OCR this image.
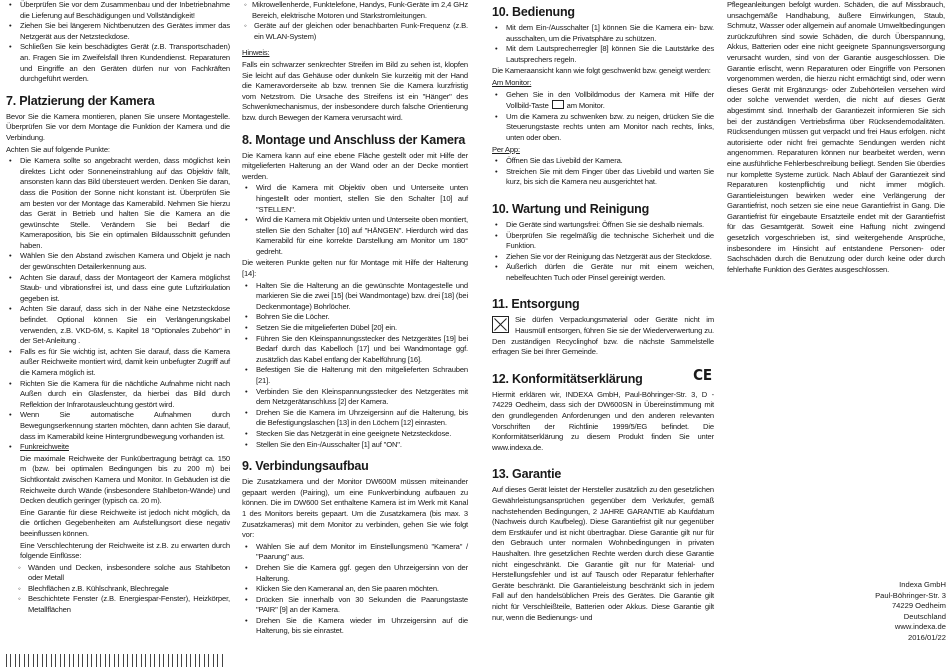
• Überprüfen Sie vor dem Zusammenbau und der Inbetriebnahme die Lieferung auf Beschädigungen und Vollständigkeit!
• Ziehen Sie bei längerem Nichtbenutzen des Gerätes immer das Netzgerät aus der Netzsteckdose.
• Schließen Sie kein beschädigtes Gerät (z.B. Transportschaden) an. Fragen Sie im Zweifelsfall Ihren Kundendienst. Reparaturen und Eingriffe an den Geräten dürfen nur von Fachkräften durchgeführt werden.
7. Platzierung der Kamera

Bevor Sie die Kamera montieren, planen Sie unsere Montagestelle. Überprüfen Sie vor dem Montage die Funktion der Kamera und die Verbindung.

Achten Sie auf folgende Punkte:

• Die Kamera sollte so angebracht werden, dass möglichst kein direktes Licht oder Sonneneinstrahlung auf das Objektiv fällt, ansonsten kann das Bild übersteuert werden. Denken Sie daran, dass die Position der Sonne nicht konstant ist. Überprüfen Sie am besten vor der Montage das Kamerabild. Nehmen Sie hierzu das Gerät in Betrieb und halten Sie die Kamera an die gewünschte Stelle. Verändern Sie bei Bedarf die Kameraposition, bis Sie ein optimalen Bildausschnitt gefunden haben.
• Wählen Sie den Abstand zwischen Kamera und Objekt je nach der gewünschten Detailerkennung aus.
• Achten Sie darauf, dass der Montageort der Kamera möglichst Staub- und vibrationsfrei ist, und dass eine gute Luftzirkulation gegeben ist.
• Achten Sie darauf, dass sich in der Nähe eine Netzsteckdose befindet. Optional können Sie ein Verlängerungskabel verwenden, z.B. VKD-6M, s. Kapitel 18 "Optionales Zubehör" in der Set-Anleitung .
• Falls es für Sie wichtig ist, achten Sie darauf, dass die Kamera außer Reichweite montiert wird, damit kein unbefugter Zugriff auf die Kamera möglich ist.
• Richten Sie die Kamera für die nächtliche Aufnahme nicht nach Außen durch ein Glasfenster, da hierbei das Bild durch Reflektion der Infrarotausleuchtung gestört wird.
• Wenn Sie automatische Aufnahmen durch Bewegungserkennung starten möchten, dann achten Sie darauf, dass im Kamerabild keine Hintergrundbewegung vorhanden ist.
• Funkreichweite

Die maximale Reichweite der Funkübertragung beträgt ca. 150 m (bzw. bei optimalen Bedingungen bis zu 200 m) bei Sichtkontakt zwischen Kamera und Monitor. In Gebäuden ist die Reichweite durch Wände (insbesondere Stahlbeton-Wände) und Decken deutlich geringer (typisch ca. 20 m).

Eine Garantie für diese Reichweite ist jedoch nicht möglich, da die örtlichen Gegebenheiten am Aufstellungsort diese negativ beeinflussen können.

Eine Verschlechterung der Reichweite ist z.B. zu erwarten durch folgende Einflüsse:

◦ Wänden und Decken, insbesondere solche aus Stahlbeton oder Metall
◦ Blechflächen z.B. Kühlschrank, Blechregale
◦ Beschichtete Fenster (z.B. Energiespar-Fenster), Heizkörper, Metallflächen
◦ Mikrowellenherde, Funktelefone, Handys, Funk-Geräte im 2,4 GHz Bereich, elektrische Motoren und Starkstromleitungen.
◦ Geräte auf der gleichen oder benachbarten Funk-Frequenz (z.B. ein WLAN-System)

Hinweis:

Falls ein schwarzer senkrechter Streifen im Bild zu sehen ist, klopfen Sie leicht auf das Gehäuse oder dunkeln Sie kurzeitig mit der Hand die Kameravorderseite ab bzw. trennen Sie die Kamera kurzfristig vom Netzstrom. Die Ursache des Streifens ist ein "Hänger" des Schwenkmechanismus, der insbesondere durch falsche Orientierung bzw. durch Bewegen der Kamera verursacht wird.

8. Montage und Anschluss der Kamera

Die Kamera kann auf eine ebene Fläche gestellt oder mit Hilfe der mitgelieferten Halterung an der Wand oder an der Decke montiert werden.

• Wird die Kamera mit Objektiv oben und Unterseite unten hingestellt oder montiert, stellen Sie den Schalter [10] auf "STELLEN".
• Wird die Kamera mit Objektiv unten und Unterseite oben montiert, stellen Sie den Schalter [10] auf "HÄNGEN". Hierdurch wird das Kamerabild für eine korrekte Darstellung am Monitor um 180° gedreht.

Die weiteren Punkte gelten nur für Montage mit Hilfe der Halterung [14]:

• Halten Sie die Halterung an die gewünschte Montagestelle und markieren Sie die zwei [15] (bei Wandmontage) bzw. drei [18] (bei Deckenmontage) Bohrlöcher.
• Bohren Sie die Löcher.
• Setzen Sie die mitgelieferten Dübel [20] ein.
• Führen Sie den Kleinspannungsstecker des Netzgerätes [19] bei Bedarf durch das Kabelloch [17] und bei Wandmontage ggf. zusätzlich das Kabel entlang der Kabelführung [16].
• Befestigen Sie die Halterung mit den mitgelieferten Schrauben [21].
• Verbinden Sie den Kleinspannungsstecker des Netzgerätes mit dem Netzgerätanschluss [2] der Kamera.
• Drehen Sie die Kamera im Uhrzeigersinn auf die Halterung, bis die Befestigungslaschen [13] in den Löchern [12] einrasten.
• Stecken Sie das Netzgerät in eine geeignete Netzsteckdose.
• Stellen Sie den Ein-/Ausschalter [1] auf "ON".
9. Verbindungsaufbau

Die Zusatzkamera und der Monitor DW600M müssen miteinander gepaart werden (Pairing), um eine Funkverbindung aufbauen zu können. Die im DW600 Set enthaltene Kamera ist im Werk mit Kanal 1 des Monitors bereits gepaart. Um die Zusatzkamera (bis max. 3 Zusatzkameras) mit dem Monitor zu verbinden, gehen Sie wie folgt vor:

• Wählen Sie auf dem Monitor im Einstellungsmenü "Kamera" / "Paarung" aus.
• Drehen Sie die Kamera ggf. gegen den Uhrzeigersinn von der Halterung.
• Klicken Sie den Kameranal an, den Sie paaren möchten.
• Drücken Sie innerhalb von 30 Sekunden die Paarungstaste "PAIR" [9] an der Kamera.
• Drehen Sie die Kamera wieder im Uhrzeigersinn auf die Halterung, bis sie einrastet.
10. Bedienung
• Mit dem Ein-/Ausschalter [1] können Sie die Kamera ein- bzw. ausschalten, um die Privatsphäre zu schützen.
• Mit dem Lautsprecherregler [8] können Sie die Lautstärke des Lautsprechers regeln.

Die Kameraansicht kann wie folgt geschwenkt bzw. geneigt werden:

Am Monitor:

• Gehen Sie in den Vollbildmodus der Kamera mit Hilfe der Vollbild-Taste am Monitor.
• Um die Kamera zu schwenken bzw. zu neigen, drücken Sie die Steuerungstaste rechts unten am Monitor nach rechts, links, unten oder oben.

Per App:

• Öffnen Sie das Livebild der Kamera.
• Streichen Sie mit dem Finger über das Livebild und warten Sie kurz, bis sich die Kamera neu ausgerichtet hat.
10. Wartung und Reinigung
• Die Geräte sind wartungsfrei: Öffnen Sie sie deshalb niemals.
• Überprüfen Sie regelmäßig die technische Sicherheit und die Funktion.
• Ziehen Sie vor der Reinigung das Netzgerät aus der Steckdose.
• Äußerlich dürfen die Geräte nur mit einem weichen, nebelfeuchten Tuch oder Pinsel gereinigt werden.
11. Entsorgung

Sie dürfen Verpackungsmaterial oder Geräte nicht im Hausmüll entsorgen, führen Sie sie der Wiederverwertung zu. Den zuständigen Recyclinghof bzw. die nächste Sammelstelle erfragen Sie bei Ihrer Gemeinde.

12. Konformitätserklärung	CE

Hiermit erklären wir, INDEXA GmbH, Paul-Böhringer-Str. 3, D - 74229 Oedheim, dass sich der DW600SN in Übereinstimmung mit den grundlegenden Anforderungen und den anderen relevanten Vorschriften der Richtlinie 1999/5/EG befindet. Die Konformitätserklärung zu diesem Produkt finden Sie unter www.indexa.de.

13. Garantie

Auf dieses Gerät leistet der Hersteller zusätzlich zu den gesetzlichen Gewährleistungsansprüchen gegenüber dem Verkäufer, gemäß nachstehenden Bedingungen, 2 JAHRE GARANTIE ab Kaufdatum (Nachweis durch Kaufbeleg). Diese Garantiefrist gilt nur gegenüber dem Erstkäufer und ist nicht übertragbar. Diese Garantie gilt nur für den Gebrauch unter normalen Wohnbedingungen in privaten Haushalten. Ihre gesetzlichen Rechte werden durch diese Garantie nicht eingeschränkt. Die Garantie gilt nur für Material- und Herstellungsfehler und ist auf Tausch oder Reparatur fehlerhafter Geräte beschränkt. Die Garantieleistung beschränkt sich in jedem Fall auf den handelsüblichen Preis des Gerätes. Die Garantie gilt nicht für Verschleißteile, Batterien oder Akkus. Diese Garantie gilt nur, wenn die Bedienungs- und

Pflegeanleitungen befolgt wurden. Schäden, die auf Missbrauch, unsachgemäße Handhabung, äußere Einwirkungen, Staub, Schmutz, Wasser oder allgemein auf anomale Umweltbedingungen zurückzuführen sind sowie Schäden, die durch Überspannung, Akkus, Batterien oder eine nicht geeignete Spannungsversorgung verursacht wurden, sind von der Garantie ausgeschlossen. Die Garantie erlischt, wenn Reparaturen oder Eingriffe von Personen vorgenommen werden, die hierzu nicht ermächtigt sind, oder wenn dieses Gerät mit Ergänzungs- oder Zubehörteilen versehen wird oder solche verwendet werden, die nicht auf dieses Gerät abgestimmt sind. Innerhalb der Garantiezeit informieren Sie sich bei der zuständigen Vertriebsfirma über Rücksendemodalitäten. Rücksendungen müssen gut verpackt und frei Haus erfolgen. nicht autorisierte oder nicht frei gemachte Sendungen werden nicht angenommen. Reparaturen können nur bearbeitet werden, wenn eine ausführliche Fehlerbeschreibung beiliegt. Senden Sie überdies nur komplette Systeme zurück. Nach Ablauf der Garantiezeit sind Reparaturen kostenpflichtig und nicht immer möglich. Garantieleistungen bewirken weder eine Verlängerung der Garantiefrist, noch setzen sie eine neue Garantiefrist in Gang. Die Garantiefrist für eingebaute Ersatzteile endet mit der Garantiefrist für das Gesamtgerät. Soweit eine Haftung nicht zwingend gesetzlich vorgeschrieben ist, sind weitergehende Ansprüche, insbesondere im Hinsicht auf entstandene Personen- oder Sachschäden durch die Benutzung oder durch keine oder durch fehlerhafte Funktion des Gerätes ausgeschlossen.

Indexa GmbH
Paul-Böhringer-Str. 3
74229 Oedheim
Deutschland
www.indexa.de
2016/01/22
